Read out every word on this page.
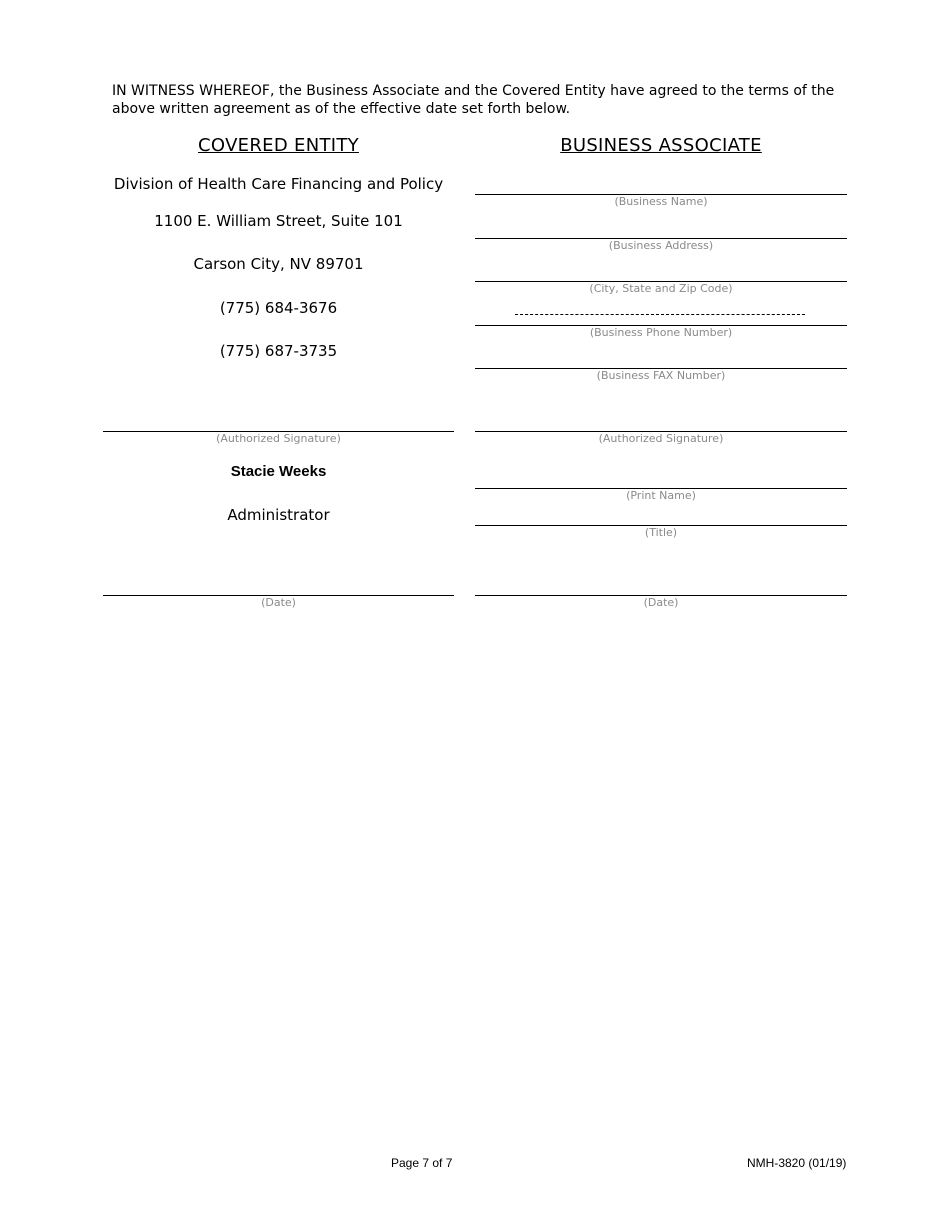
IN WITNESS WHEREOF, the Business Associate and the Covered Entity have agreed to the terms of the above written agreement as of the effective date set forth below.
COVERED ENTITY
Division of Health Care Financing and Policy
1100 E. William Street, Suite 101
Carson City, NV 89701
(775) 684-3676
(775) 687-3735
(Authorized Signature)
Stacie Weeks
Administrator
(Date)
BUSINESS ASSOCIATE
(Business Name)
(Business Address)
(City, State and Zip Code)
(Business Phone Number)
(Business FAX Number)
(Authorized Signature)
(Print Name)
(Title)
(Date)
Page 7 of 7	NMH-3820 (01/19)
